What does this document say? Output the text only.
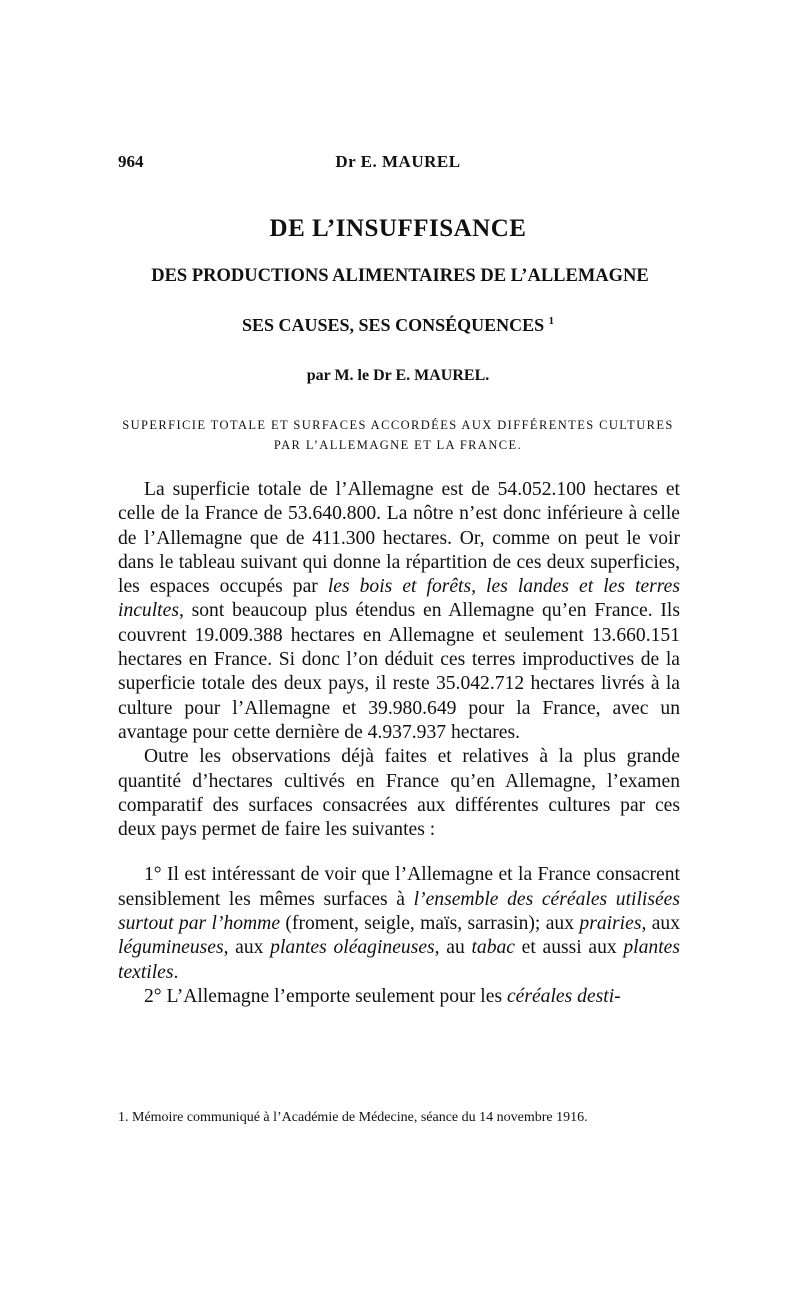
964	Dr E. MAUREL
DE L’INSUFFISANCE
DES PRODUCTIONS ALIMENTAIRES DE L’ALLEMAGNE
SES CAUSES, SES CONSÉQUENCES $^1$
par M. le Dr E. MAUREL.
SUPERFICIE TOTALE ET SURFACES ACCORDÉES AUX DIFFÉRENTES CULTURES
PAR L’ALLEMAGNE ET LA FRANCE.

La superficie totale de l’Allemagne est de 54.052.100 hectares et celle de la France de 53.640.800. La nôtre n’est donc inférieure à celle de l’Allemagne que de 411.300 hectares. Or, comme on peut le voir dans le tableau suivant qui donne la répartition de ces deux superficies, les espaces occupés par les bois et forêts, les landes et les terres incultes, sont beaucoup plus étendus en Allemagne qu’en France. Ils couvrent 19.009.388 hectares en Allemagne et seulement 13.660.151 hectares en France. Si donc l’on déduit ces terres improductives de la superficie totale des deux pays, il reste 35.042.712 hectares livrés à la culture pour l’Allemagne et 39.980.649 pour la France, avec un avantage pour cette dernière de 4.937.937 hectares.

Outre les observations déjà faites et relatives à la plus grande quantité d’hectares cultivés en France qu’en Allemagne, l’examen comparatif des surfaces consacrées aux différentes cultures par ces deux pays permet de faire les suivantes :

1° Il est intéressant de voir que l’Allemagne et la France consacrent sensiblement les mêmes surfaces à l’ensemble des céréales utilisées surtout par l’homme (froment, seigle, maïs, sarrasin); aux prairies, aux légumineuses, aux plantes oléagineuses, au tabac et aussi aux plantes textiles.

2° L’Allemagne l’emporte seulement pour les céréales desti-

1. Mémoire communiqué à l’Académie de Médecine, séance du 14 novembre 1916.
